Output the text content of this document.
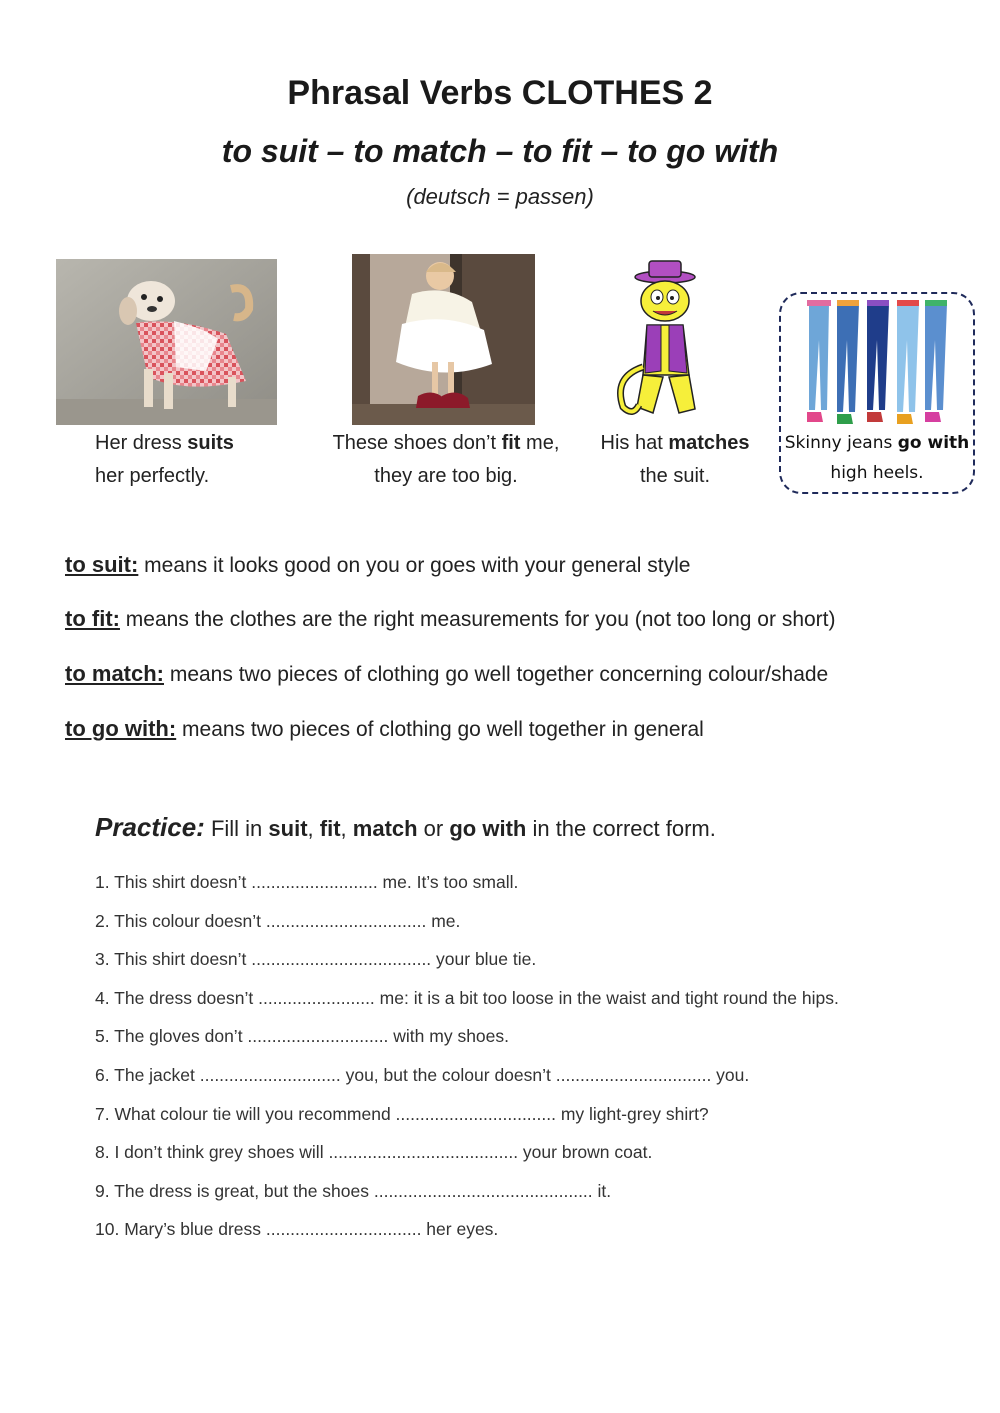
Phrasal Verbs CLOTHES 2
to suit – to match – to fit – to go with
(deutsch = passen)
Her dress suits
her perfectly.
These shoes don’t fit me,
they are too big.
His hat matches
the suit.
Skinny jeans go with
high heels.
to suit: means it looks good on you or goes with your general style
to fit: means the clothes are the right measurements for you (not too long or short)
to match: means two pieces of clothing go well together concerning colour/shade
to go with: means two pieces of clothing go well together in general
Practice: Fill in suit, fit, match or go with in the correct form.
1. This shirt doesn’t .......................... me. It’s too small.
2. This colour doesn’t ................................. me.
3. This shirt doesn’t ..................................... your blue tie.
4. The dress doesn’t ........................ me: it is a bit too loose in the waist and tight round the hips.
5. The gloves don’t ............................. with my shoes.
6. The jacket ............................. you, but the colour doesn’t ................................ you.
7. What colour tie will you recommend ................................. my light-grey shirt?
8. I don’t think grey shoes will ....................................... your brown coat.
9. The dress is great, but the shoes ............................................. it.
10. Mary’s blue dress ................................ her eyes.
